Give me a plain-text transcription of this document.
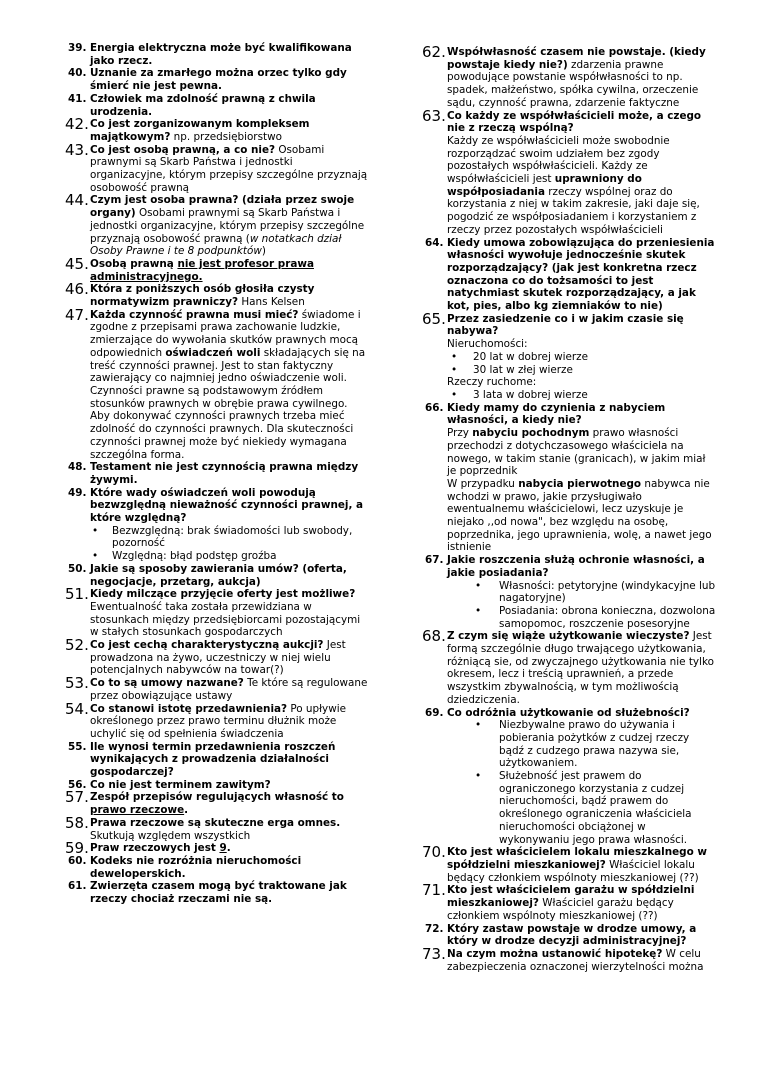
39. Energia elektryczna może być kwalifikowana jako rzecz.

40. Uznanie za zmarłego można orzec tylko gdy śmierć nie jest pewna.

41. Człowiek ma zdolność prawną z chwila urodzenia.

42. Co jest zorganizowanym kompleksem majątkowym? np. przedsiębiorstwo

43. Co jest osobą prawną, a co nie? Osobami prawnymi są Skarb Państwa i jednostki organizacyjne, którym przepisy szczególne przyznają osobowość prawną

44. Czym jest osoba prawna? (działa przez swoje organy) Osobami prawnymi są Skarb Państwa i jednostki organizacyjne, którym przepisy szczególne przyznają osobowość prawną (w notatkach dział Osoby Prawne i te 8 podpunktów)

45. Osobą prawną nie jest profesor prawa administracyjnego.

46. Która z poniższych osób głosiła czysty normatywizm prawniczy? Hans Kelsen

47. Każda czynność prawna musi mieć? świadome i zgodne z przepisami prawa zachowanie ludzkie, zmierzające do wywołania skutków prawnych mocą odpowiednich oświadczeń woli składających się na treść czynności prawnej. Jest to stan faktyczny zawierający co najmniej jedno oświadczenie woli. Czynności prawne są podstawowym źródłem stosunków prawnych w obrębie prawa cywilnego. Aby dokonywać czynności prawnych trzeba mieć zdolność do czynności prawnych. Dla skuteczności czynności prawnej może być niekiedy wymagana szczególna forma.

48. Testament nie jest czynnością prawna między żywymi.

49. Które wady oświadczeń woli powodują bezwzględną nieważność czynności prawnej, a które względną?

• Bezwzględną: brak świadomości lub swobody, pozorność
• Względną: błąd podstęp groźba

50. Jakie są sposoby zawierania umów? (oferta, negocjacje, przetarg, aukcja)

51. Kiedy milczące przyjęcie oferty jest możliwe? Ewentualność taka została przewidziana w stosunkach między przedsiębiorcami pozostającymi w stałych stosunkach gospodarczych

52. Co jest cechą charakterystyczną aukcji? Jest prowadzona na żywo, uczestniczy w niej wielu potencjalnych nabywców na towar(?)

53. Co to są umowy nazwane? Te które są regulowane przez obowiązujące ustawy

54. Co stanowi istotę przedawnienia? Po upływie określonego przez prawo terminu dłużnik może uchylić się od spełnienia świadczenia

55. Ile wynosi termin przedawnienia roszczeń wynikających z prowadzenia działalności gospodarczej?

56. Co nie jest terminem zawitym?

57. Zespół przepisów regulujących własność to prawo rzeczowe.

58. Prawa rzeczowe są skuteczne erga omnes.
Skutkują względem wszystkich

59. Praw rzeczowych jest 9.

60. Kodeks nie rozróżnia nieruchomości deweloperskich.

61. Zwierzęta czasem mogą być traktowane jak rzeczy chociaż rzeczami nie są.

62. Współwłasność czasem nie powstaje. (kiedy powstaje kiedy nie?) zdarzenia prawne powodujące powstanie współwłasności to np. spadek, małżeństwo, spółka cywilna, orzeczenie sądu, czynność prawna, zdarzenie faktyczne

63. Co każdy ze współwłaścicieli może, a czego nie z rzeczą wspólną?
Każdy ze współwłaścicieli może swobodnie rozporządzać swoim udziałem bez zgody pozostałych współwłaścicieli. Każdy ze współwłaścicieli jest uprawniony do współposiadania rzeczy wspólnej oraz do korzystania z niej w takim zakresie, jaki daje się, pogodzić ze współposiadaniem i korzystaniem z rzeczy przez pozostałych współwłaścicieli

64. Kiedy umowa zobowiązująca do przeniesienia własności wywołuje jednocześnie skutek rozporządzający? (jak jest konkretna rzecz oznaczona co do tożsamości to jest natychmiast skutek rozporządzający, a jak kot, pies, albo kg ziemniaków to nie)

65. Przez zasiedzenie co i w jakim czasie się nabywa?
Nieruchomości:

• 20 lat w dobrej wierze
• 30 lat w złej wierze

Rzeczy ruchome:

• 3 lata w dobrej wierze

66. Kiedy mamy do czynienia z nabyciem własności, a kiedy nie?
Przy nabyciu pochodnym prawo własności przechodzi z dotychczasowego właściciela na nowego, w takim stanie (granicach), w jakim miał je poprzednik
W przypadku nabycia pierwotnego nabywca nie wchodzi w prawo, jakie przysługiwało ewentualnemu właścicielowi, lecz uzyskuje je niejako ,,od nowa", bez względu na osobę, poprzednika, jego uprawnienia, wolę, a nawet jego istnienie

67. Jakie roszczenia służą ochronie własności, a jakie posiadania?

• Własności: petytoryjne (windykacyjne lub nagatoryjne)
• Posiadania: obrona konieczna, dozwolona samopomoc, roszczenie posesoryjne

68. Z czym się wiąże użytkowanie wieczyste? Jest formą szczególnie długo trwającego użytkowania, różniącą sie, od zwyczajnego użytkowania nie tylko okresem, lecz i treścią uprawnień, a przede wszystkim zbywalnością, w tym możliwością dziedziczenia.

69. Co odróżnia użytkowanie od służebności?

• Niezbywalne prawo do używania i pobierania pożytków z cudzej rzeczy bądź z cudzego prawa nazywa sie, użytkowaniem.
• Służebność jest prawem do ograniczonego korzystania z cudzej nieruchomości, bądź prawem do określonego ograniczenia właściciela nieruchomości obciążonej w wykonywaniu jego prawa własności.

70. Kto jest właścicielem lokalu mieszkalnego w spółdzielni mieszkaniowej? Właściciel lokalu będący członkiem wspólnoty mieszkaniowej (??)

71. Kto jest właścicielem garażu w spółdzielni mieszkaniowej? Właściciel garażu będący członkiem wspólnoty mieszkaniowej (??)

72. Który zastaw powstaje w drodze umowy, a który w drodze decyzji administracyjnej?

73. Na czym można ustanowić hipotekę? W celu zabezpieczenia oznaczonej wierzytelności można
